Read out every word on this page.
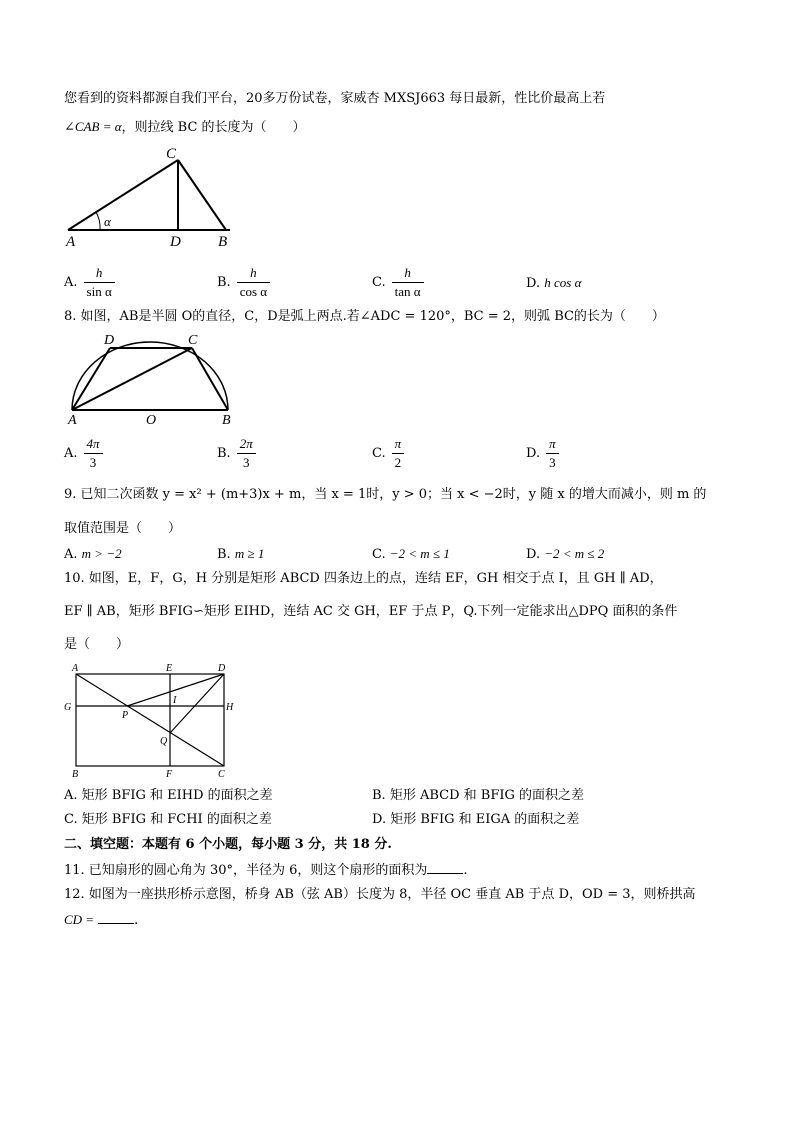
您看到的资料都源自我们平台，20多万份试卷，家威杏 MXSJ663 每日最新，性比价最高上若
∠CAB = α，则拉线 BC 的长度为（　　）
C
A	D B
α
A. $\frac{h}{\text{sin α}}$	B. $\frac{h}{\text{cos α}}$	C. $\frac{h}{\text{tan α}}$	D. h cos α
8. 如图，AB是半圆 O的直径，C，D是弧上两点.若∠ADC = 120°，BC = 2，则弧 BC的长为（　　）
D	C
A	O	B
A. $\frac{4\pi}{3}$	B. $\frac{2\pi}{3}$	C. $\frac{\pi}{2}$	D. $\frac{\pi}{3}$
9. 已知二次函数 y = x² + (m+3)x + m，当 x = 1时，y > 0；当 x < −2时，y 随 x 的增大而减小，则 m 的
取值范围是（　　）
A. m > −2	B. m ≥ 1	C. −2 < m ≤ 1	D. −2 < m ≤ 2
10. 如图，E，F，G，H 分别是矩形 ABCD 四条边上的点，连结 EF，GH 相交于点 I，且 GH ∥ AD，
EF ∥ AB，矩形 BFIG∽矩形 EIHD，连结 AC 交 GH，EF 于点 P，Q.下列一定能求出△DPQ 面积的条件
是（　　）
A	E	D
G
P
I
H
Q
B	F	C
A. 矩形 BFIG 和 EIHD 的面积之差	B. 矩形 ABCD 和 BFIG 的面积之差
C. 矩形 BFIG 和 FCHI 的面积之差	D. 矩形 BFIG 和 EIGA 的面积之差
二、填空题：本题有 6 个小题，每小题 3 分，共 18 分.
11. 已知扇形的圆心角为 30°，半径为 6，则这个扇形的面积为	.
12. 如图为一座拱形桥示意图，桥身 AB（弦 AB）长度为 8，半径 OC 垂直 AB 于点 D，OD = 3，则桥拱高
CD =	.
